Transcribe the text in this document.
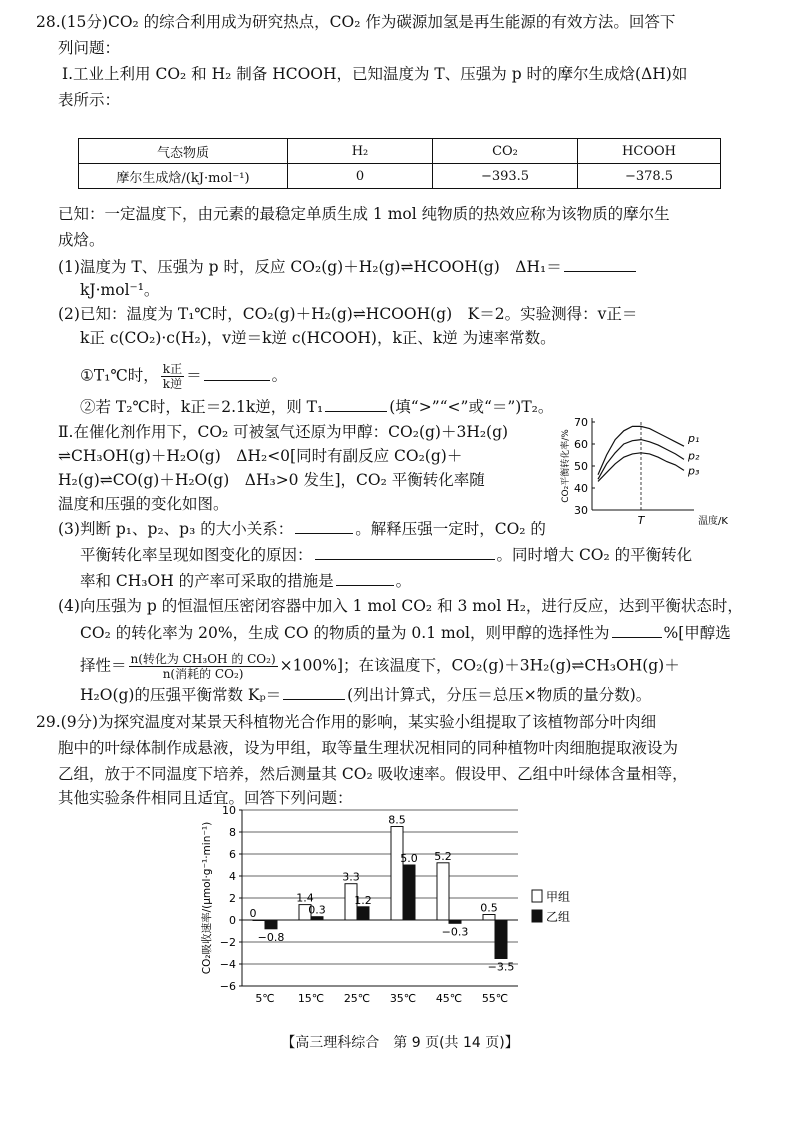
28.(15分)CO₂ 的综合利用成为研究热点，CO₂ 作为碳源加氢是再生能源的有效方法。回答下
列问题：
Ⅰ.工业上利用 CO₂ 和 H₂ 制备 HCOOH，已知温度为 T、压强为 p 时的摩尔生成焓(ΔH)如
表所示：
气态物质	H₂	CO₂	HCOOH
摩尔生成焓/(kJ·mol⁻¹)	0	−393.5	−378.5
已知：一定温度下，由元素的最稳定单质生成 1 mol 纯物质的热效应称为该物质的摩尔生
成焓。
(1)温度为 T、压强为 p 时，反应 CO₂(g)＋H₂(g)⇌HCOOH(g)　ΔH₁＝
kJ·mol⁻¹。
(2)已知：温度为 T₁℃时，CO₂(g)＋H₂(g)⇌HCOOH(g)　K＝2。实验测得：v正＝
k正 c(CO₂)·c(H₂)，v逆＝k逆 c(HCOOH)，k正、k逆 为速率常数。
①T₁℃时， $\frac{\text{k正}}{\text{k逆}}$ ＝	。
②若 T₂℃时，k正＝2.1k逆，则 T₁	(填“>”“<”或“＝”)T₂。
Ⅱ.在催化剂作用下，CO₂ 可被氢气还原为甲醇：CO₂(g)＋3H₂(g)
⇌CH₃OH(g)＋H₂O(g)　ΔH₂<0[同时有副反应 CO₂(g)＋
H₂(g)⇌CO(g)＋H₂O(g)　ΔH₃>0 发生]，CO₂ 平衡转化率随
温度和压强的变化如图。	30
40
50
60
70
T	温度/K
CO₂平衡转化率/%	p₁
p₂
p₃
(3)判断 p₁、p₂、p₃ 的大小关系：	。解释压强一定时，CO₂ 的
平衡转化率呈现如图变化的原因：	。同时增大 CO₂ 的平衡转化
率和 CH₃OH 的产率可采取的措施是	。
(4)向压强为 p 的恒温恒压密闭容器中加入 1 mol CO₂ 和 3 mol H₂，进行反应，达到平衡状态时，
CO₂ 的转化率为 20%，生成 CO 的物质的量为 0.1 mol，则甲醇的选择性为	%[甲醇选
择性＝ $\frac{\text{n(转化为 CH₃OH 的 CO₂)}}{\text{n(消耗的 CO₂)}} \times 100\%$]；在该温度下，CO₂(g)＋3H₂(g)⇌CH₃OH(g)＋
H₂O(g)的压强平衡常数 Kₚ＝	(列出计算式，分压＝总压×物质的量分数)。
29.(9分)为探究温度对某景天科植物光合作用的影响，某实验小组提取了该植物部分叶肉细
胞中的叶绿体制作成悬液，设为甲组，取等量生理状况相同的同种植物叶肉细胞提取液设为
乙组，放于不同温度下培养，然后测量其 CO₂ 吸收速率。假设甲、乙组中叶绿体含量相等，
其他实验条件相同且适宜。回答下列问题：
−6
−4
−2
0
2
4
6
8
10
CO₂吸收速率/(μmol·g⁻¹·min⁻¹)
5℃
0
−0.8
15℃
1.4
0.3
25℃
3.3
1.2
35℃
8.5
5.0
45℃
5.2
−0.3
55℃
0.5
−3.5
甲组
乙组
【高三理科综合　第 9 页(共 14 页)】
